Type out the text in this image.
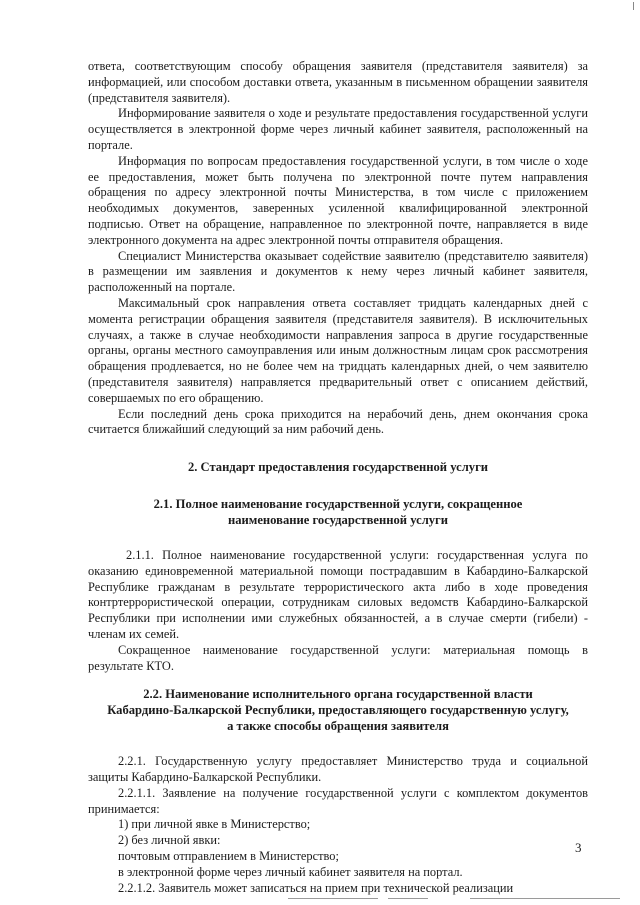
ответа, соответствующим способу обращения заявителя (представителя заявителя) за информацией, или способом доставки ответа, указанным в письменном обращении заявителя (представителя заявителя).

Информирование заявителя о ходе и результате предоставления государственной услуги осуществляется в электронной форме через личный кабинет заявителя, расположенный на портале.

Информация по вопросам предоставления государственной услуги, в том числе о ходе ее предоставления, может быть получена по электронной почте путем направления обращения по адресу электронной почты Министерства, в том числе с приложением необходимых документов, заверенных усиленной квалифицированной электронной подписью. Ответ на обращение, направленное по электронной почте, направляется в виде электронного документа на адрес электронной почты отправителя обращения.

Специалист Министерства оказывает содействие заявителю (представителю заявителя) в размещении им заявления и документов к нему через личный кабинет заявителя, расположенный на портале.

Максимальный срок направления ответа составляет тридцать календарных дней с момента регистрации обращения заявителя (представителя заявителя). В исключительных случаях, а также в случае необходимости направления запроса в другие государственные органы, органы местного самоуправления или иным должностным лицам срок рассмотрения обращения продлевается, но не более чем на тридцать календарных дней, о чем заявителю (представителя заявителя) направляется предварительный ответ с описанием действий, совершаемых по его обращению.

Если последний день срока приходится на нерабочий день, днем окончания срока считается ближайший следующий за ним рабочий день.

2. Стандарт предоставления государственной услуги
2.1. Полное наименование государственной услуги, сокращенное
наименование государственной услуги

2.1.1. Полное наименование государственной услуги: государственная услуга по оказанию единовременной материальной помощи пострадавшим в Кабардино-Балкарской Республике гражданам в результате террористического акта либо в ходе проведения контртеррористической операции, сотрудникам силовых ведомств Кабардино-Балкарской Республики при исполнении ими служебных обязанностей, а в случае смерти (гибели) - членам их семей.

Сокращенное наименование государственной услуги: материальная помощь в результате КТО.

2.2. Наименование исполнительного органа государственной власти
Кабардино-Балкарской Республики, предоставляющего государственную услугу,
а также способы обращения заявителя

2.2.1. Государственную услугу предоставляет Министерство труда и социальной защиты Кабардино-Балкарской Республики.

2.2.1.1. Заявление на получение государственной услуги с комплектом документов принимается:

1) при личной явке в Министерство;

2) без личной явки:

почтовым отправлением в Министерство;

в электронной форме через личный кабинет заявителя на портал.

2.2.1.2. Заявитель может записаться на прием при технической реализации

3
